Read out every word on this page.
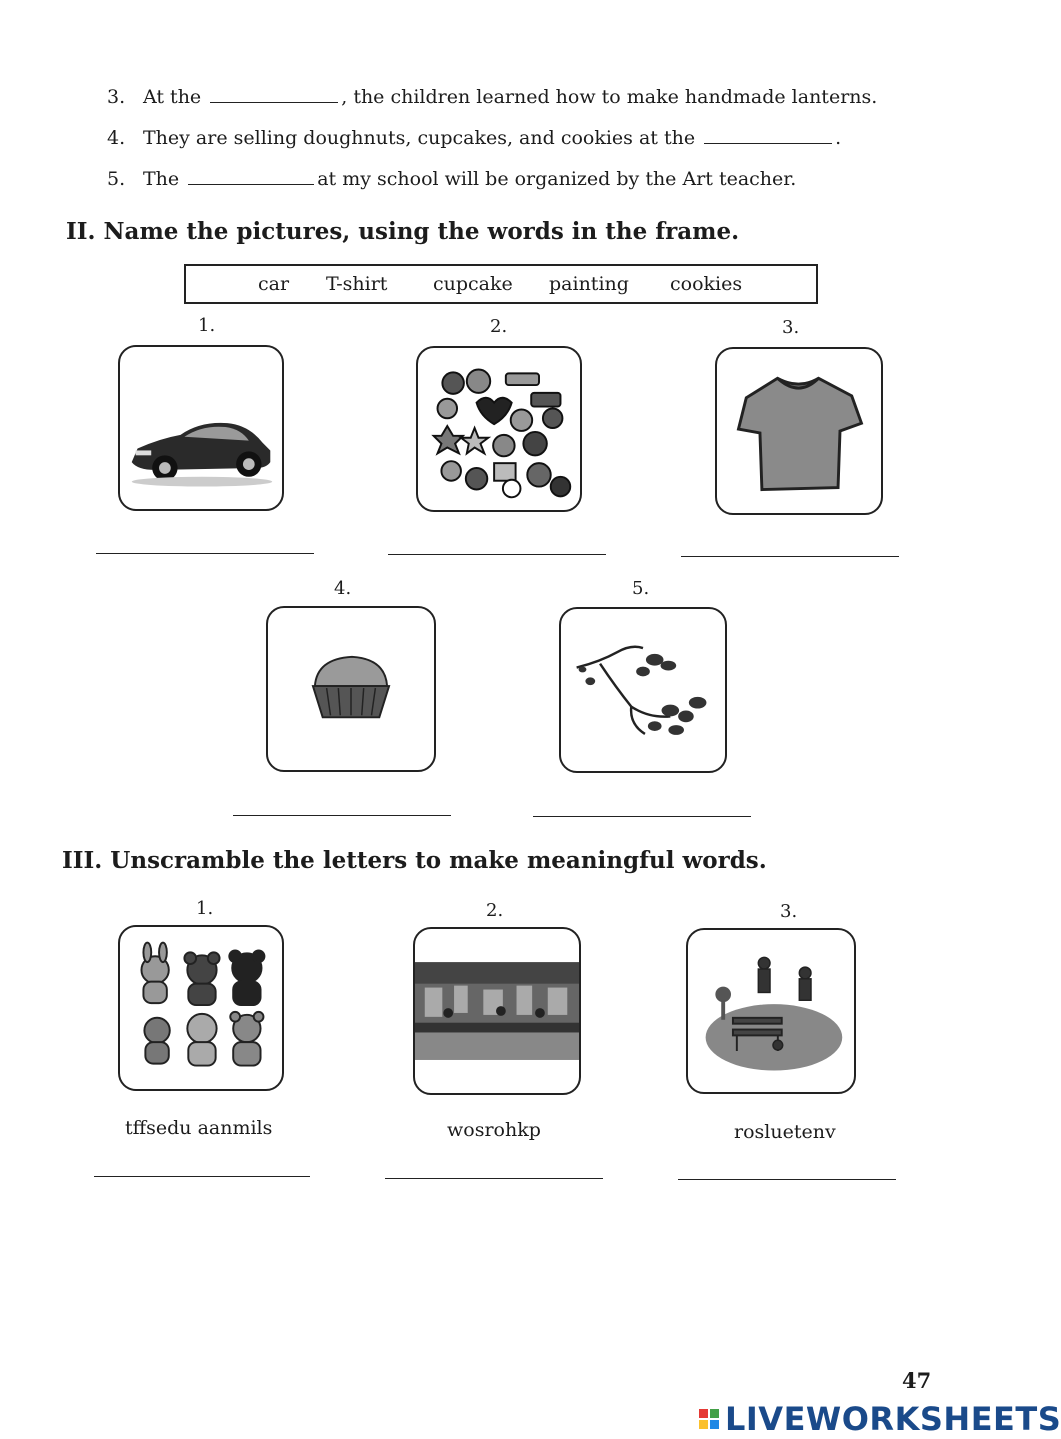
3. At the	, the children learned how to make handmade lanterns.
4. They are selling doughnuts, cupcakes, and cookies at the	.
5. The	at my school will be organized by the Art teacher.
II. Name the pictures, using the words in the frame.
car T-shirt cupcake painting cookies
1.	2.	3.
4.	5.
III. Unscramble the letters to make meaningful words.
1.
tffsedu aanmils
2.
wosrohkp
3.
rosluetenv
47
LIVEWORKSHEETS
